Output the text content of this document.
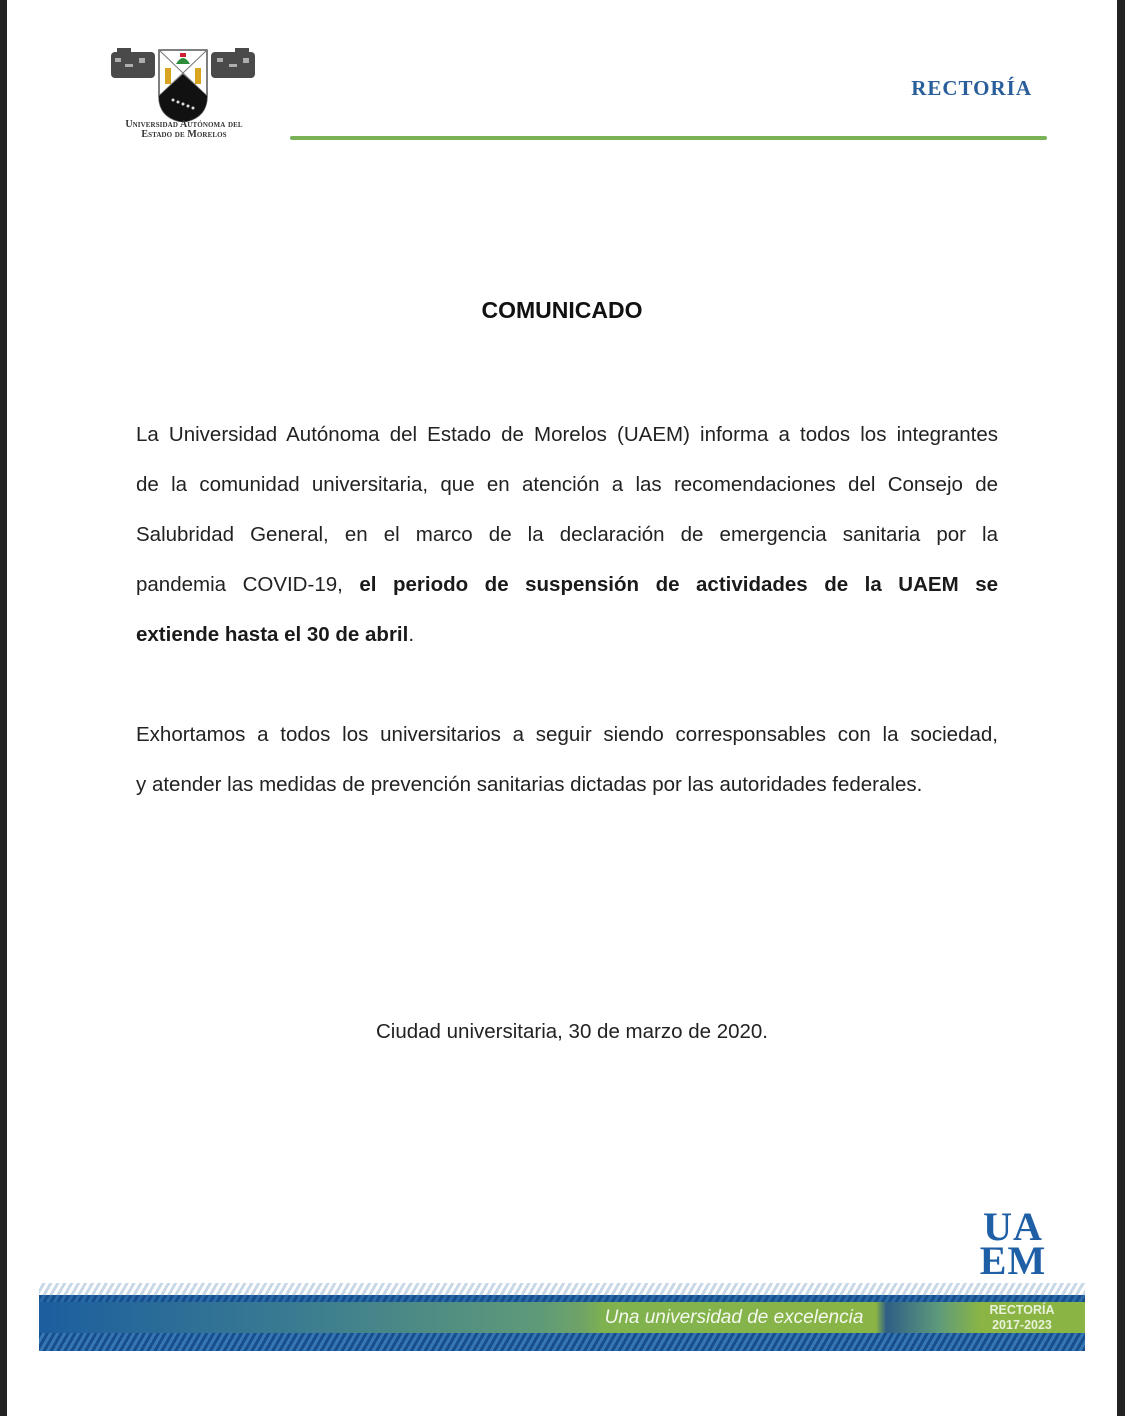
Universidad Autónoma del
Estado de Morelos
RECTORÍA
COMUNICADO
La Universidad Autónoma del Estado de Morelos (UAEM) informa a todos los integrantes
de la comunidad universitaria, que en atención a las recomendaciones del Consejo de
Salubridad General, en el marco de la declaración de emergencia sanitaria por la
pandemia COVID-19, el periodo de suspensión de actividades de la UAEM se
extiende hasta el 30 de abril.
Exhortamos a todos los universitarios a seguir siendo corresponsables con la sociedad,
y atender las medidas de prevención sanitarias dictadas por las autoridades federales.
Ciudad universitaria, 30 de marzo de 2020.
UA
EM
Una universidad de excelencia	RECTORÍA
2017-2023
